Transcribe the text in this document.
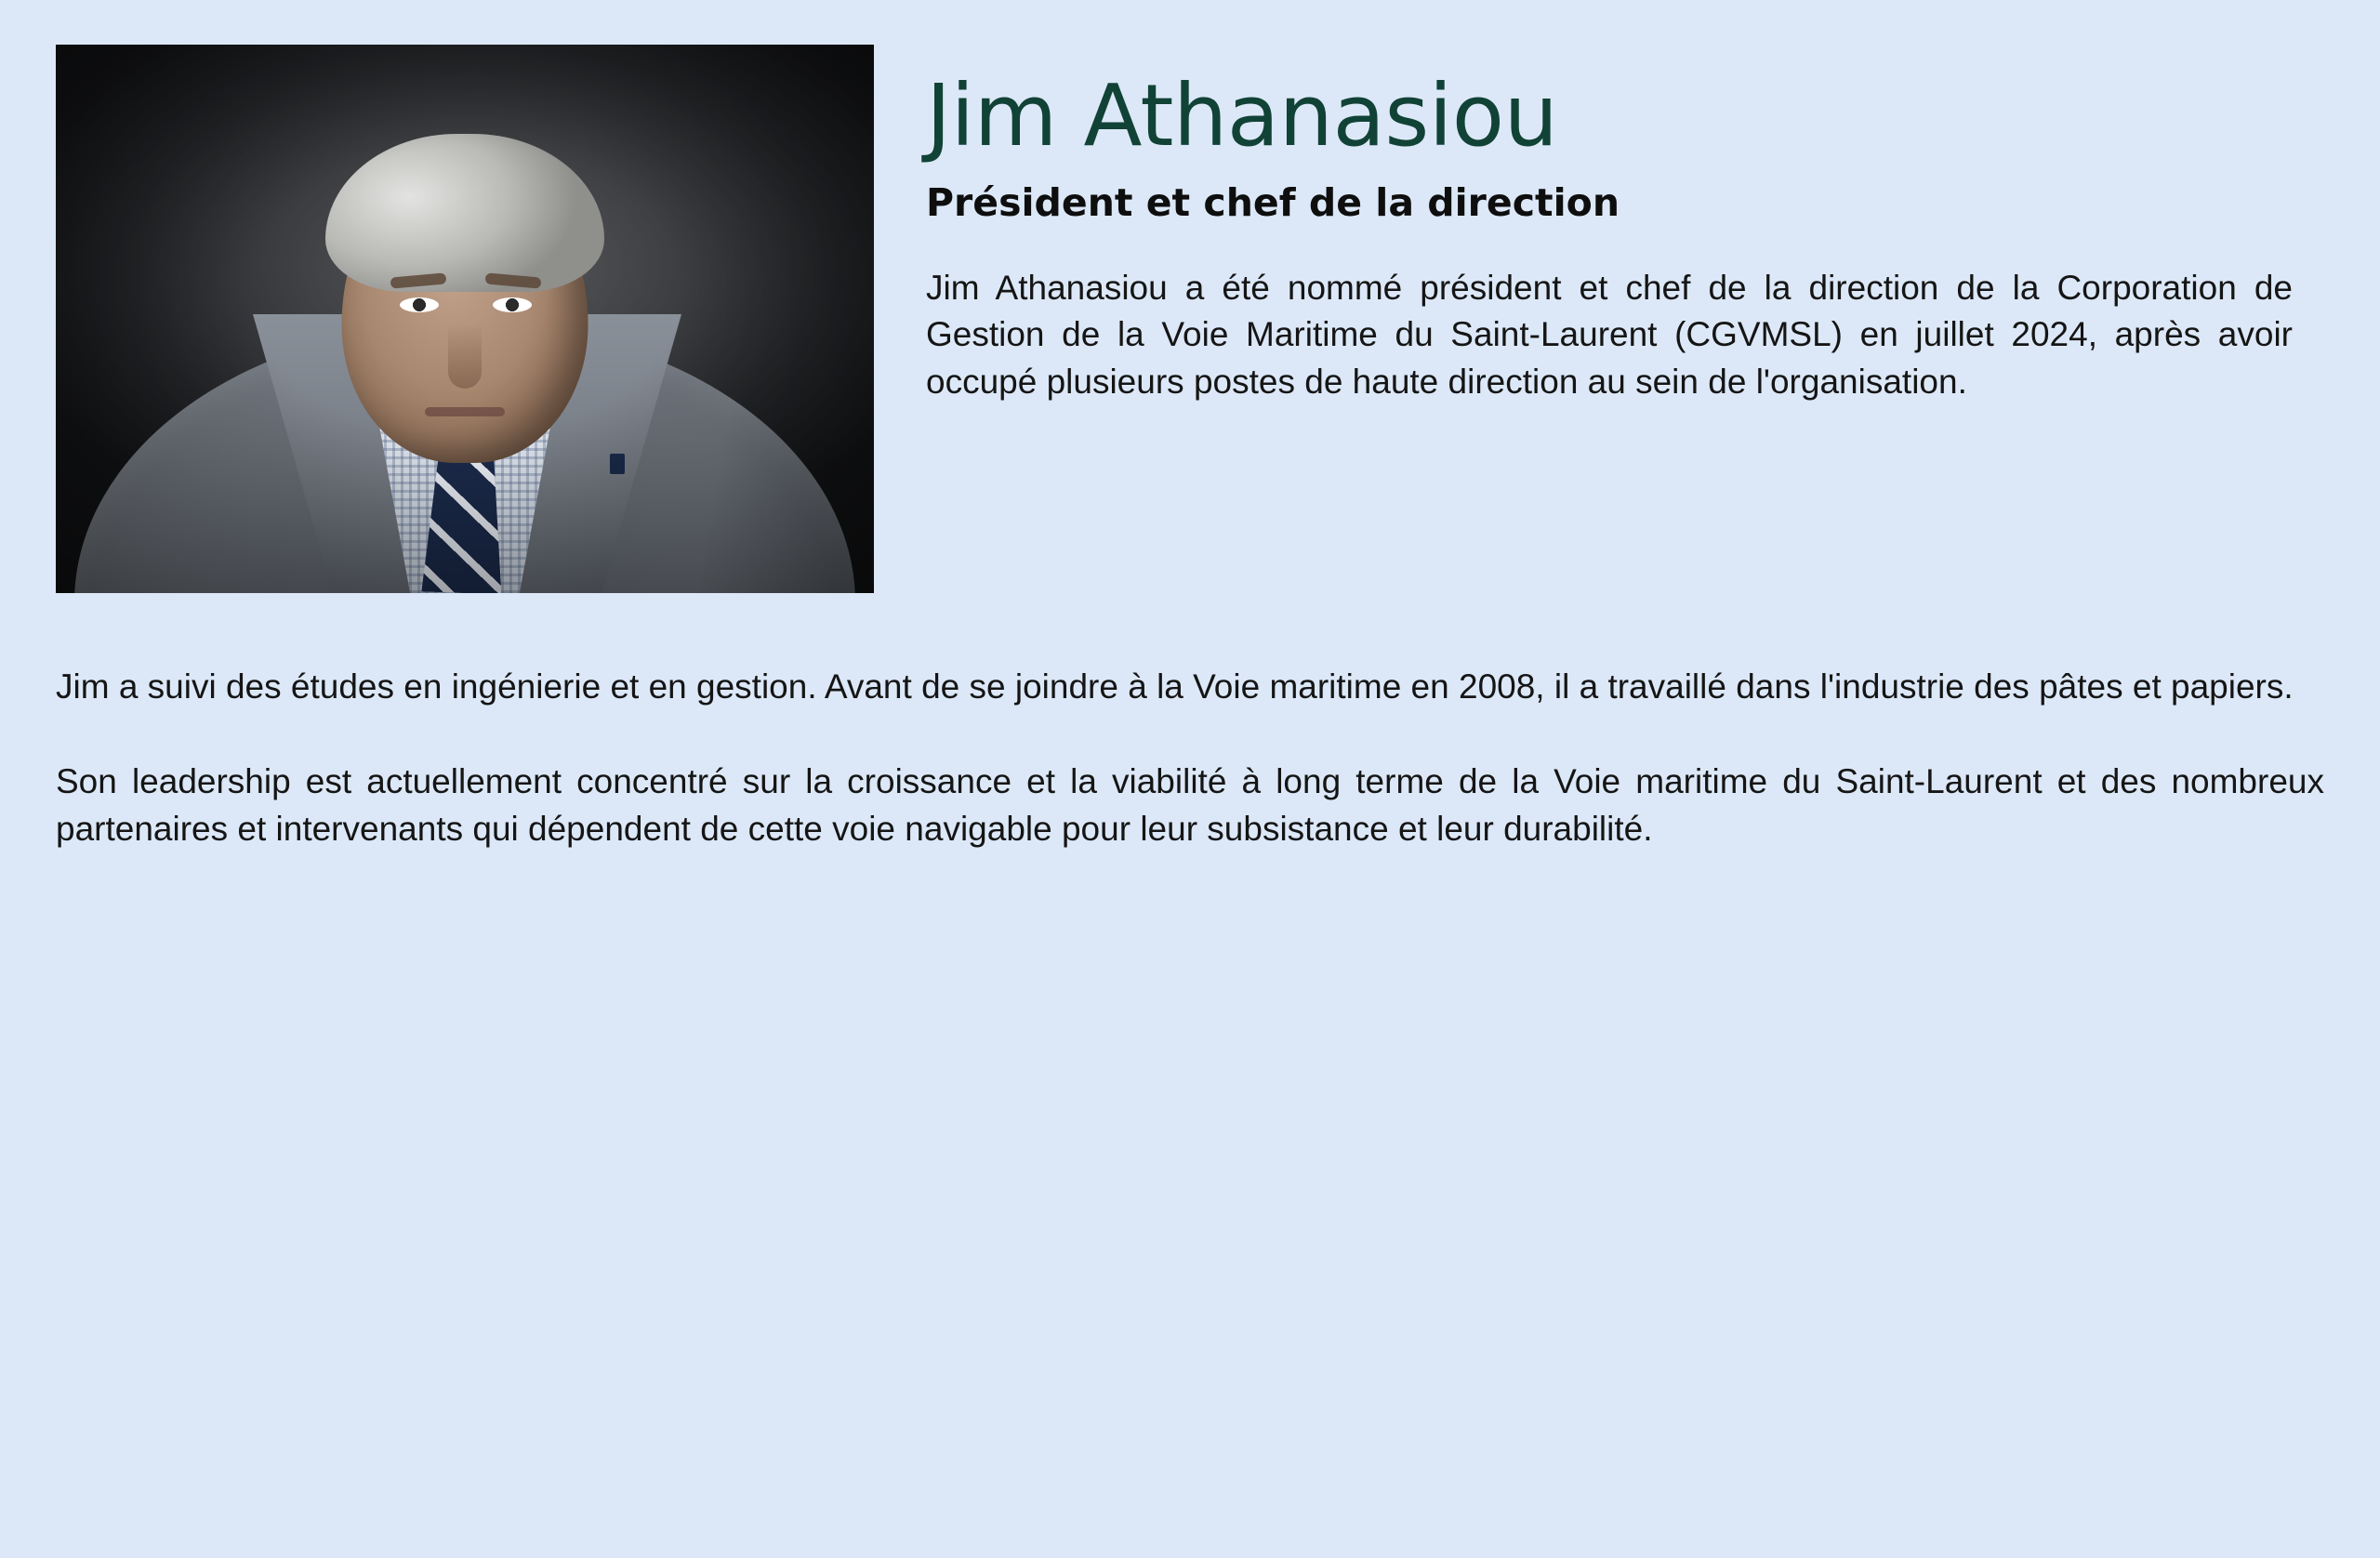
Jim Athanasiou
Président et chef de la direction

Jim Athanasiou a été nommé président et chef de la direction de la Corporation de Gestion de la Voie Maritime du Saint-Laurent (CGVMSL) en juillet 2024, après avoir occupé plusieurs postes de haute direction au sein de l'organisation.

Jim a suivi des études en ingénierie et en gestion. Avant de se joindre à la Voie maritime en 2008, il a travaillé dans l'industrie des pâtes et papiers.

Son leadership est actuellement concentré sur la croissance et la viabilité à long terme de la Voie maritime du Saint-Laurent et des nombreux partenaires et intervenants qui dépendent de cette voie navigable pour leur subsistance et leur durabilité.
